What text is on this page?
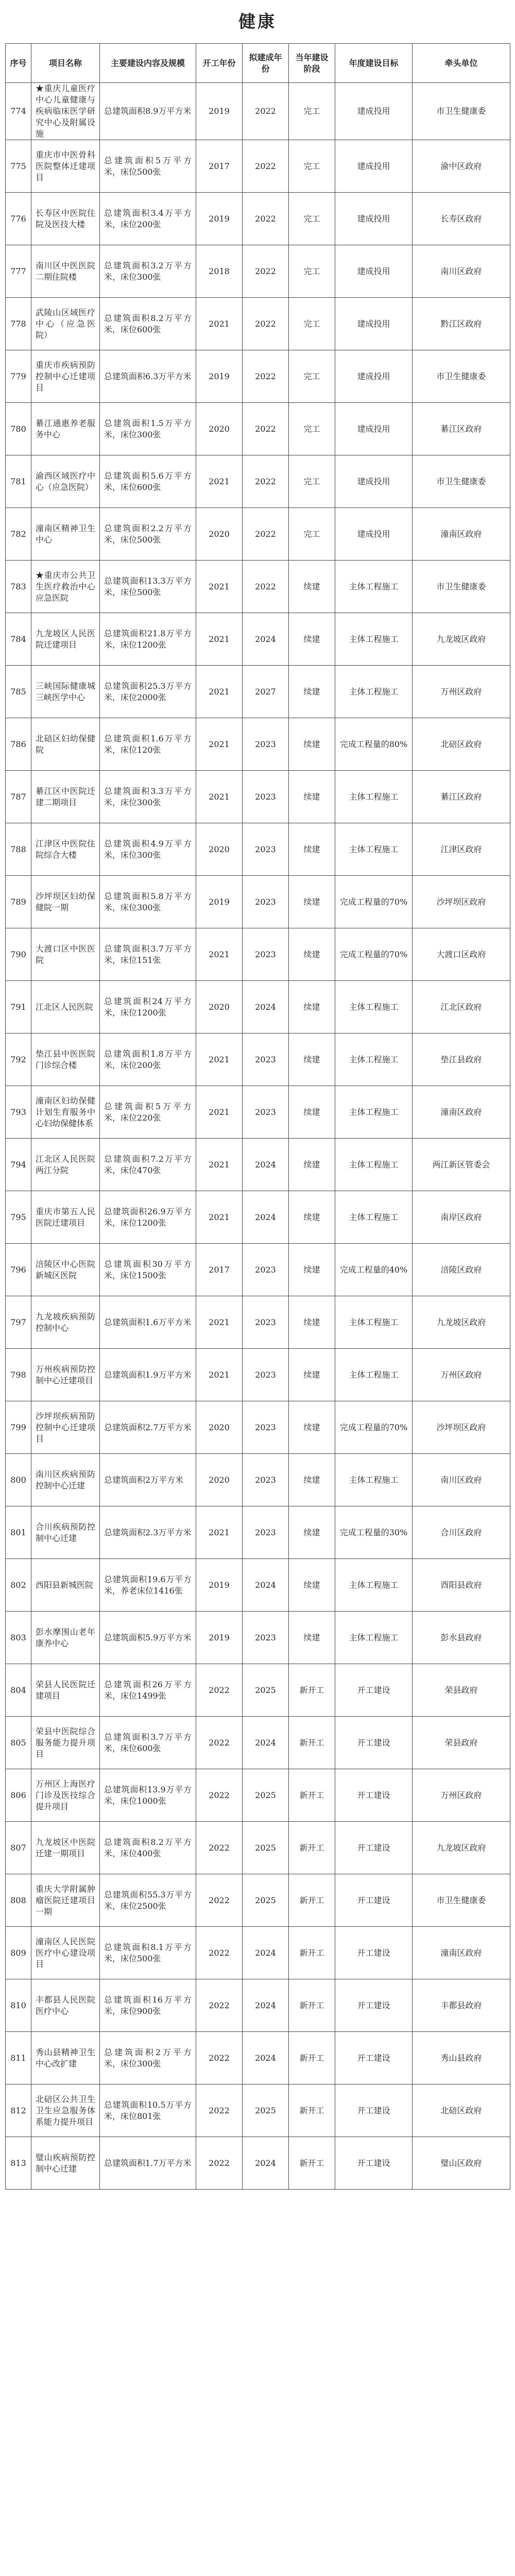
健康
序号	项目名称	主要建设内容及规模	开工年份	拟建成年份	当年建设阶段	年度建设目标	牵头单位
774	★重庆儿童医疗中心儿童健康与疾病临床医学研究中心及附属设施	总建筑面积8.9万平方米	2019	2022	完工	建成投用	市卫生健康委
775	重庆市中医骨科医院整体迁建项目	总建筑面积5万平方米，床位500张	2017	2022	完工	建成投用	渝中区政府
776	长寿区中医院住院及医技大楼	总建筑面积3.4万平方米，床位200张	2019	2022	完工	建成投用	长寿区政府
777	南川区中医医院二期住院楼	总建筑面积3.2万平方米，床位300张	2018	2022	完工	建成投用	南川区政府
778	武陵山区域医疗中心（应急医院）	总建筑面积8.2万平方米，床位600张	2021	2022	完工	建成投用	黔江区政府
779	重庆市疾病预防控制中心迁建项目	总建筑面积6.3万平方米	2019	2022	完工	建成投用	市卫生健康委
780	綦江通惠养老服务中心	总建筑面积1.5万平方米，床位300张	2020	2022	完工	建成投用	綦江区政府
781	渝西区域医疗中心（应急医院）	总建筑面积5.6万平方米，床位600张	2021	2022	完工	建成投用	市卫生健康委
782	潼南区精神卫生中心	总建筑面积2.2万平方米，床位500张	2020	2022	完工	建成投用	潼南区政府
783	★重庆市公共卫生医疗救治中心应急医院	总建筑面积13.3万平方米，床位500张	2021	2022	续建	主体工程施工	市卫生健康委
784	九龙坡区人民医院迁建项目	总建筑面积21.8万平方米，床位1200张	2021	2024	续建	主体工程施工	九龙坡区政府
785	三峡国际健康城三峡医学中心	总建筑面积25.3万平方米，床位2000张	2021	2027	续建	主体工程施工	万州区政府
786	北碚区妇幼保健院	总建筑面积1.6万平方米，床位120张	2021	2023	续建	完成工程量的80%	北碚区政府
787	綦江区中医院迁建二期项目	总建筑面积3.3万平方米，床位300张	2021	2023	续建	主体工程施工	綦江区政府
788	江津区中医院住院综合大楼	总建筑面积4.9万平方米，床位300张	2020	2023	续建	主体工程施工	江津区政府
789	沙坪坝区妇幼保健院一期	总建筑面积5.8万平方米，床位300张	2019	2023	续建	完成工程量的70%	沙坪坝区政府
790	大渡口区中医医院	总建筑面积3.7万平方米，床位151张	2021	2023	续建	完成工程量的70%	大渡口区政府
791	江北区人民医院	总建筑面积24万平方米，床位1200张	2020	2024	续建	主体工程施工	江北区政府
792	垫江县中医医院门诊综合楼	总建筑面积1.8万平方米，床位200张	2021	2023	续建	主体工程施工	垫江县政府
793	潼南区妇幼保健计划生育服务中心妇幼保健体系	总建筑面积5万平方米，床位220张	2021	2023	续建	主体工程施工	潼南区政府
794	江北区人民医院两江分院	总建筑面积7.2万平方米，床位470张	2021	2024	续建	主体工程施工	两江新区管委会
795	重庆市第五人民医院迁建项目	总建筑面积26.9万平方米，床位1200张	2021	2024	续建	主体工程施工	南岸区政府
796	涪陵区中心医院新城区医院	总建筑面积30万平方米，床位1500张	2017	2023	续建	完成工程量的40%	涪陵区政府
797	九龙坡疾病预防控制中心	总建筑面积1.6万平方米	2021	2023	续建	主体工程施工	九龙坡区政府
798	万州疾病预防控制中心迁建项目	总建筑面积1.9万平方米	2021	2023	续建	主体工程施工	万州区政府
799	沙坪坝疾病预防控制中心迁建项目	总建筑面积2.7万平方米	2020	2023	续建	完成工程量的70%	沙坪坝区政府
800	南川区疾病预防控制中心迁建	总建筑面积2万平方米	2020	2023	续建	主体工程施工	南川区政府
801	合川疾病预防控制中心迁建	总建筑面积2.3万平方米	2021	2023	续建	完成工程量的30%	合川区政府
802	西阳县新城医院	总建筑面积19.6万平方米，养老床位1416张	2019	2024	续建	主体工程施工	酉阳县政府
803	彭水摩围山老年康养中心	总建筑面积5.9万平方米	2019	2023	续建	主体工程施工	彭水县政府
804	荣县人民医院迁建项目	总建筑面积26万平方米，床位1499张	2022	2025	新开工	开工建设	荣县政府
805	荣县中医院综合服务能力提升项目	总建筑面积3.7万平方米，床位600张	2022	2024	新开工	开工建设	荣县政府
806	万州区上海医疗门诊及医技综合提升项目	总建筑面积13.9万平方米，床位1000张	2022	2025	新开工	开工建设	万州区政府
807	九龙坡区中医院迁建一期项目	总建筑面积8.2万平方米，床位400张	2022	2025	新开工	开工建设	九龙坡区政府
808	重庆大学附属肿瘤医院迁建项目一期	总建筑面积55.3万平方米，床位2500张	2022	2025	新开工	开工建设	市卫生健康委
809	潼南区人民医院医疗中心建设项目	总建筑面积8.1万平方米，床位500张	2022	2024	新开工	开工建设	潼南区政府
810	丰都县人民医院医疗中心	总建筑面积16万平方米，床位900张	2022	2024	新开工	开工建设	丰都县政府
811	秀山县精神卫生中心改扩建	总建筑面积2万平方米，床位300张	2022	2024	新开工	开工建设	秀山县政府
812	北碚区公共卫生卫生应急服务体系能力提升项目	总建筑面积10.5万平方米，床位801张	2022	2025	新开工	开工建设	北碚区政府
813	璧山疾病预防控制中心迁建	总建筑面积1.7万平方米	2022	2024	新开工	开工建设	璧山区政府
